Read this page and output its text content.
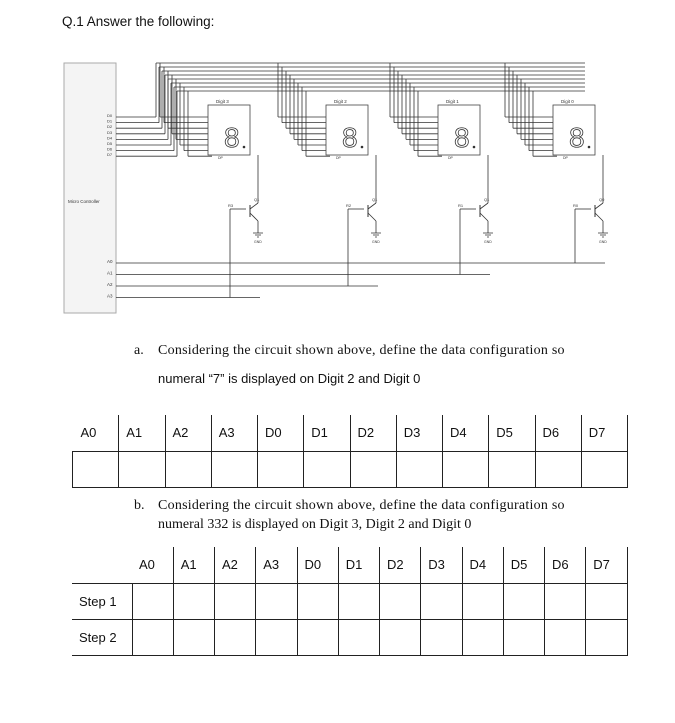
Q.1 Answer the following:
Micro Controller
D0
D1
D2
D3
D4
D5
D6
D7
A0
A1
A2
A3
Digit 3
8
DP
R3
Q1
GND
Digit 2
8
DP
R2
Q1
GND
Digit 1
8
DP
R1
Q1
GND
Digit 0
8
DP
R0
Q0
GND
a. Considering the circuit shown above, define the data configuration so
numeral “7” is displayed on Digit 2 and Digit 0
A0	A1	A2	A3	D0	D1	D2	D3	D4	D5	D6	D7

b. Considering the circuit shown above, define the data configuration so
numeral 332 is displayed on Digit 3, Digit 2 and Digit 0
	A0	A1	A2	A3	D0	D1	D2	D3	D4	D5	D6	D7
Step 1												
Step 2												
